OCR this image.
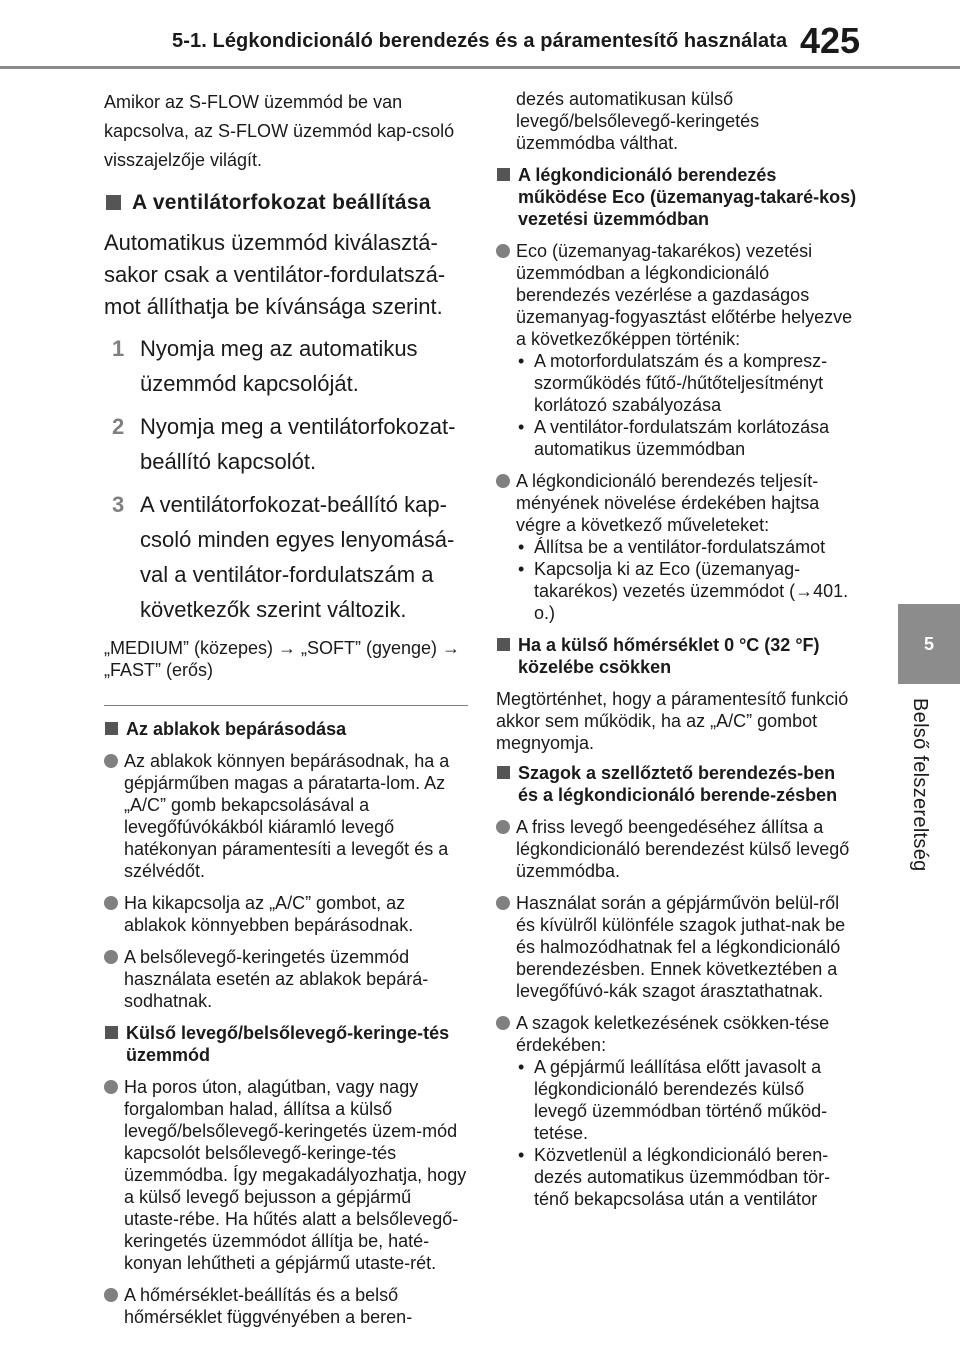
5-1. Légkondicionáló berendezés és a páramentesítő használata 425
5
Belső felszereltség

Amikor az S-FLOW üzemmód be van kapcsolva, az S-FLOW üzemmód kap-csoló visszajelzője világít.

A ventilátorfokozat beállítása

Automatikus üzemmód kiválasztá-sakor csak a ventilátor-fordulatszá-mot állíthatja be kívánsága szerint.

1 Nyomja meg az automatikus üzemmód kapcsolóját.
2 Nyomja meg a ventilátorfokozat-beállító kapcsolót.
3 A ventilátorfokozat-beállító kap-csoló minden egyes lenyomásá-val a ventilátor-fordulatszám a következők szerint változik.

„MEDIUM” (közepes) → „SOFT” (gyenge) → „FAST” (erős)

Az ablakok bepárásodása
Az ablakok könnyen bepárásodnak, ha a gépjárműben magas a páratarta-lom. Az „A/C” gomb bekapcsolásával a levegőfúvókákból kiáramló levegő hatékonyan páramentesíti a levegőt és a szélvédőt.
Ha kikapcsolja az „A/C” gombot, az ablakok könnyebben bepárásodnak.
A belsőlevegő-keringetés üzemmód használata esetén az ablakok bepárá-sodhatnak.
Külső levegő/belsőlevegő-keringe-tés üzemmód
Ha poros úton, alagútban, vagy nagy forgalomban halad, állítsa a külső levegő/belsőlevegő-keringetés üzem-mód kapcsolót belsőlevegő-keringe-tés üzemmódba. Így megakadályozhatja, hogy a külső levegő bejusson a gépjármű utaste-rébe. Ha hűtés alatt a belsőlevegő-keringetés üzemmódot állítja be, haté-konyan lehűtheti a gépjármű utaste-rét.
A hőmérséklet-beállítás és a belső hőmérséklet függvényében a beren-
dezés automatikusan külső levegő/belsőlevegő-keringetés üzemmódba válthat.
A légkondicionáló berendezés működése Eco (üzemanyag-takaré-kos) vezetési üzemmódban
Eco (üzemanyag-takarékos) vezetési üzemmódban a légkondicionáló berendezés vezérlése a gazdaságos üzemanyag-fogyasztást előtérbe helyezve a következőképpen történik:
• A motorfordulatszám és a kompresz-szorműködés fűtő-/hűtőteljesítményt korlátozó szabályozása
• A ventilátor-fordulatszám korlátozása automatikus üzemmódban
A légkondicionáló berendezés teljesít-ményének növelése érdekében hajtsa végre a következő műveleteket:
• Állítsa be a ventilátor-fordulatszámot
• Kapcsolja ki az Eco (üzemanyag-takarékos) vezetés üzemmódot (→401. o.)
Ha a külső hőmérséklet 0 °C (32 °F) közelébe csökken

Megtörténhet, hogy a páramentesítő funkció akkor sem működik, ha az „A/C” gombot megnyomja.

Szagok a szellőztető berendezés-ben és a légkondicionáló berende-zésben
A friss levegő beengedéséhez állítsa a légkondicionáló berendezést külső levegő üzemmódba.
Használat során a gépjárművön belül-ről és kívülről különféle szagok juthat-nak be és halmozódhatnak fel a légkondicionáló berendezésben. Ennek következtében a levegőfúvó-kák szagot árasztathatnak.
A szagok keletkezésének csökken-tése érdekében:
• A gépjármű leállítása előtt javasolt a légkondicionáló berendezés külső levegő üzemmódban történő működ-tetése.
• Közvetlenül a légkondicionáló beren-dezés automatikus üzemmódban tör-ténő bekapcsolása után a ventilátor
